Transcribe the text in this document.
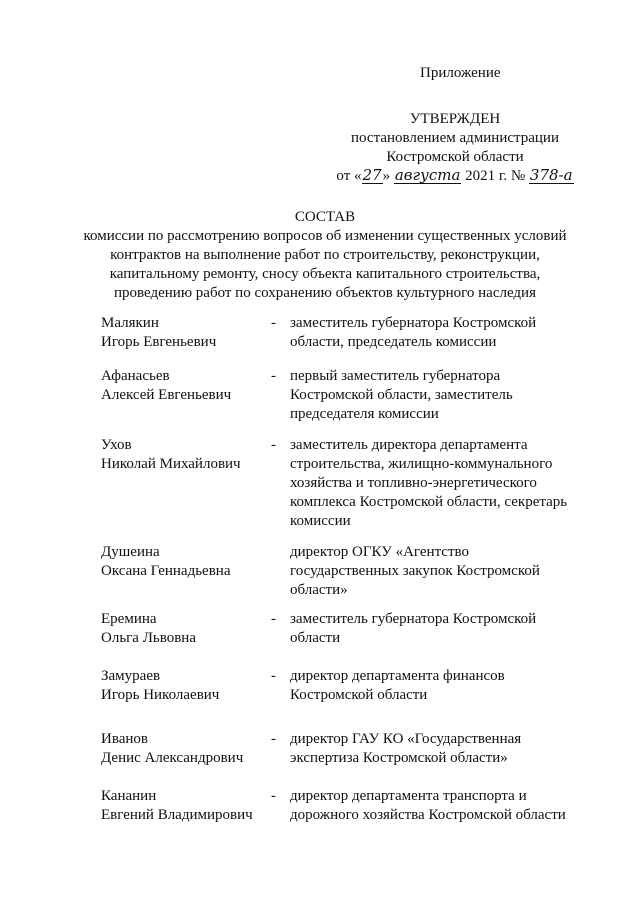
Приложение
УТВЕРЖДЕН
постановлением администрации
Костромской области
от «27» августа 2021 г. № 378-а
СОСТАВ
комиссии по рассмотрению вопросов об изменении существенных условий
контрактов на выполнение работ по строительству, реконструкции,
капитальному ремонту, сносу объекта капитального строительства,
проведению работ по сохранению объектов культурного наследия
Малякин
Игорь Евгеньевич
- заместитель губернатора Костромской
области, председатель комиссии
Афанасьев
Алексей Евгеньевич
- первый заместитель губернатора
Костромской области, заместитель
председателя комиссии
Ухов
Николай Михайлович
- заместитель директора департамента
строительства, жилищно-коммунального
хозяйства и топливно-энергетического
комплекса Костромской области, секретарь
комиссии
Душеина
Оксана Геннадьевна
директор ОГКУ «Агентство
государственных закупок Костромской
области»
Еремина
Ольга Львовна
- заместитель губернатора Костромской
области
Замураев
Игорь Николаевич
- директор департамента финансов
Костромской области
Иванов
Денис Александрович
- директор ГАУ КО «Государственная
экспертиза Костромской области»
Кананин
Евгений Владимирович
- директор департамента транспорта и
дорожного хозяйства Костромской области
